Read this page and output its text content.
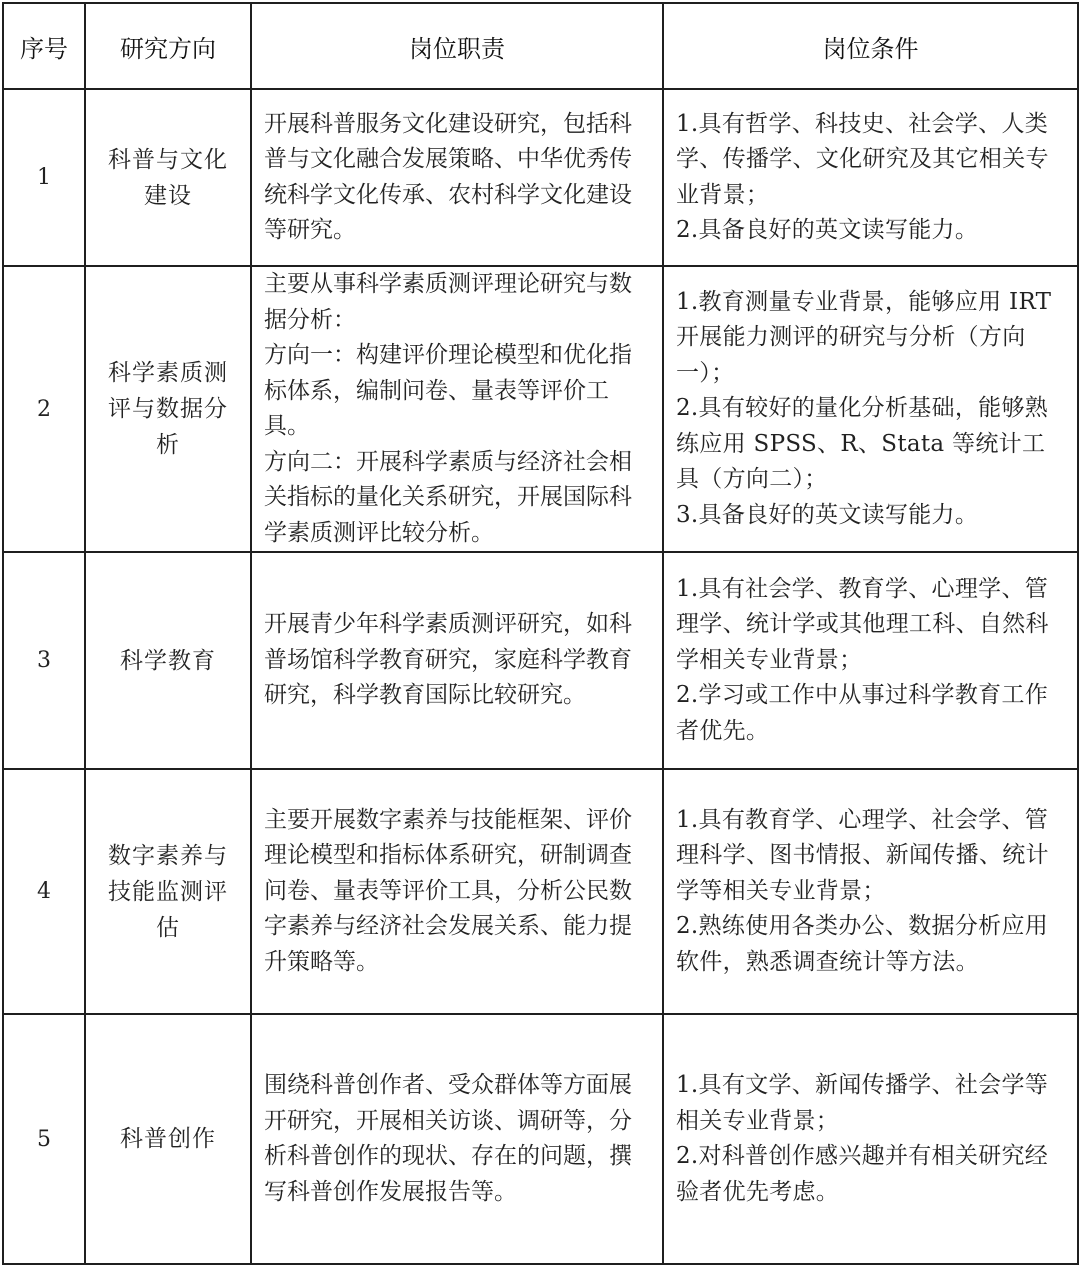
序号	研究方向	岗位职责	岗位条件
1	科普与文化建设	开展科普服务文化建设研究，包括科普与文化融合发展策略、中华优秀传统科学文化传承、农村科学文化建设等研究。	1.具有哲学、科技史、社会学、人类学、传播学、文化研究及其它相关专业背景；
2.具备良好的英文读写能力。

2	科学素质测评与数据分析	主要从事科学素质测评理论研究与数据分析：
方向一：构建评价理论模型和优化指标体系，编制问卷、量表等评价工具。
方向二：开展科学素质与经济社会相关指标的量化关系研究，开展国际科学素质测评比较分析。	1.教育测量专业背景，能够应用 IRT 开展能力测评的研究与分析（方向一）；
2.具有较好的量化分析基础，能够熟练应用 SPSS、R、Stata 等统计工具（方向二）；
3.具备良好的英文读写能力。

3	科学教育	开展青少年科学素质测评研究，如科普场馆科学教育研究，家庭科学教育研究，科学教育国际比较研究。	1.具有社会学、教育学、心理学、管理学、统计学或其他理工科、自然科学相关专业背景；
2.学习或工作中从事过科学教育工作者优先。

4	数字素养与技能监测评估	主要开展数字素养与技能框架、评价理论模型和指标体系研究，研制调查问卷、量表等评价工具，分析公民数字素养与经济社会发展关系、能力提升策略等。	1.具有教育学、心理学、社会学、管理科学、图书情报、新闻传播、统计学等相关专业背景；
2.熟练使用各类办公、数据分析应用软件，熟悉调查统计等方法。

5	科普创作	围绕科普创作者、受众群体等方面展开研究，开展相关访谈、调研等，分析科普创作的现状、存在的问题，撰写科普创作发展报告等。	1.具有文学、新闻传播学、社会学等相关专业背景；
2.对科普创作感兴趣并有相关研究经验者优先考虑。
